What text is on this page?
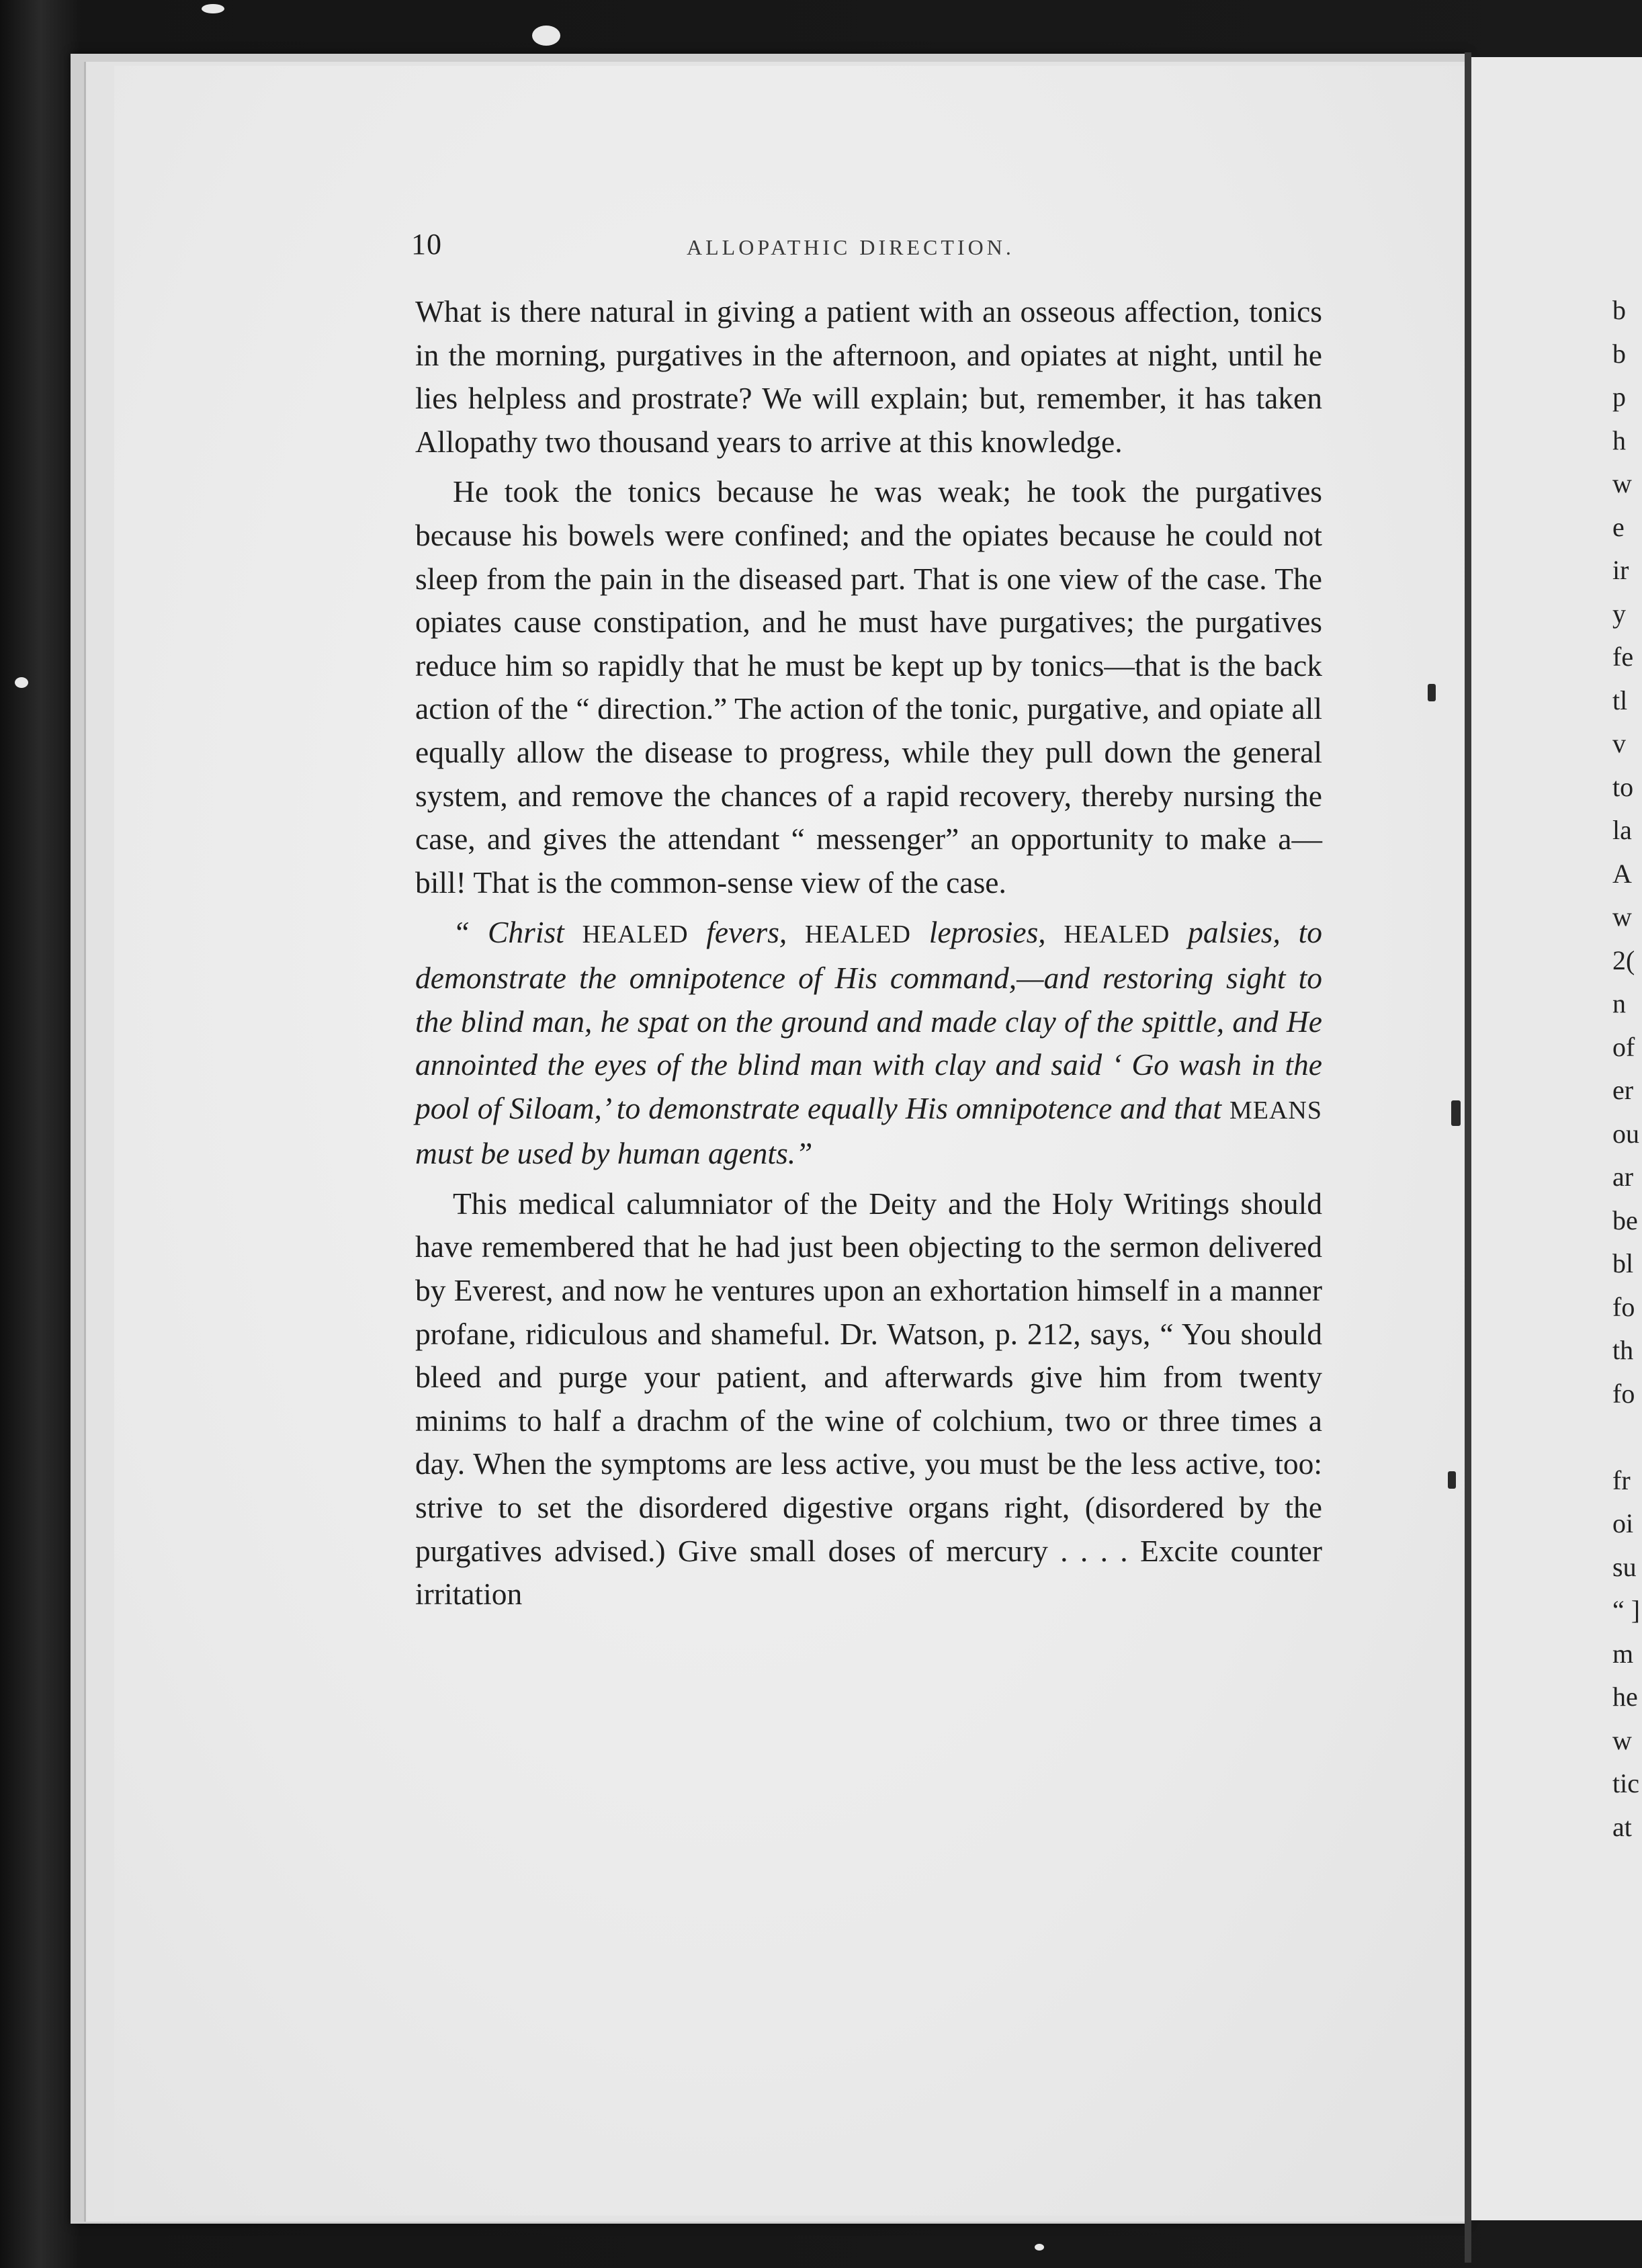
b
b
p
h
w
e
ir
y
fe
tl
v
to
la
A
w
2(
n
of
er
ou
ar
be
bl
fo
th
fo
fr
oi
su
“ ]
m
he
w
tic
at
10	ALLOPATHIC DIRECTION.

What is there natural in giving a patient with an osseous affection, tonics in the morning, purgatives in the afternoon, and opiates at night, until he lies helpless and prostrate? We will explain; but, remember, it has taken Allopathy two thousand years to arrive at this knowledge.

He took the tonics because he was weak; he took the purgatives because his bowels were confined; and the opiates because he could not sleep from the pain in the diseased part. That is one view of the case. The opiates cause constipation, and he must have purgatives; the purgatives reduce him so rapidly that he must be kept up by tonics—that is the back action of the “ direction.” The action of the tonic, purgative, and opiate all equally allow the disease to progress, while they pull down the general system, and remove the chances of a rapid recovery, thereby nursing the case, and gives the attendant “ messenger” an opportunity to make a—bill! That is the common-sense view of the case.

“ Christ HEALED fevers, HEALED leprosies, HEALED palsies, to demonstrate the omnipotence of His command,—and restoring sight to the blind man, he spat on the ground and made clay of the spittle, and He annointed the eyes of the blind man with clay and said ‘ Go wash in the pool of Siloam,’ to demonstrate equally His omnipotence and that MEANS must be used by human agents.”

This medical calumniator of the Deity and the Holy Writings should have remembered that he had just been objecting to the sermon delivered by Everest, and now he ventures upon an exhortation himself in a manner profane, ridiculous and shameful. Dr. Watson, p. 212, says, “ You should bleed and purge your patient, and afterwards give him from twenty minims to half a drachm of the wine of colchium, two or three times a day. When the symptoms are less active, you must be the less active, too: strive to set the disordered digestive organs right, (disordered by the purgatives advised.) Give small doses of mercury . . . . Excite counter irritation
